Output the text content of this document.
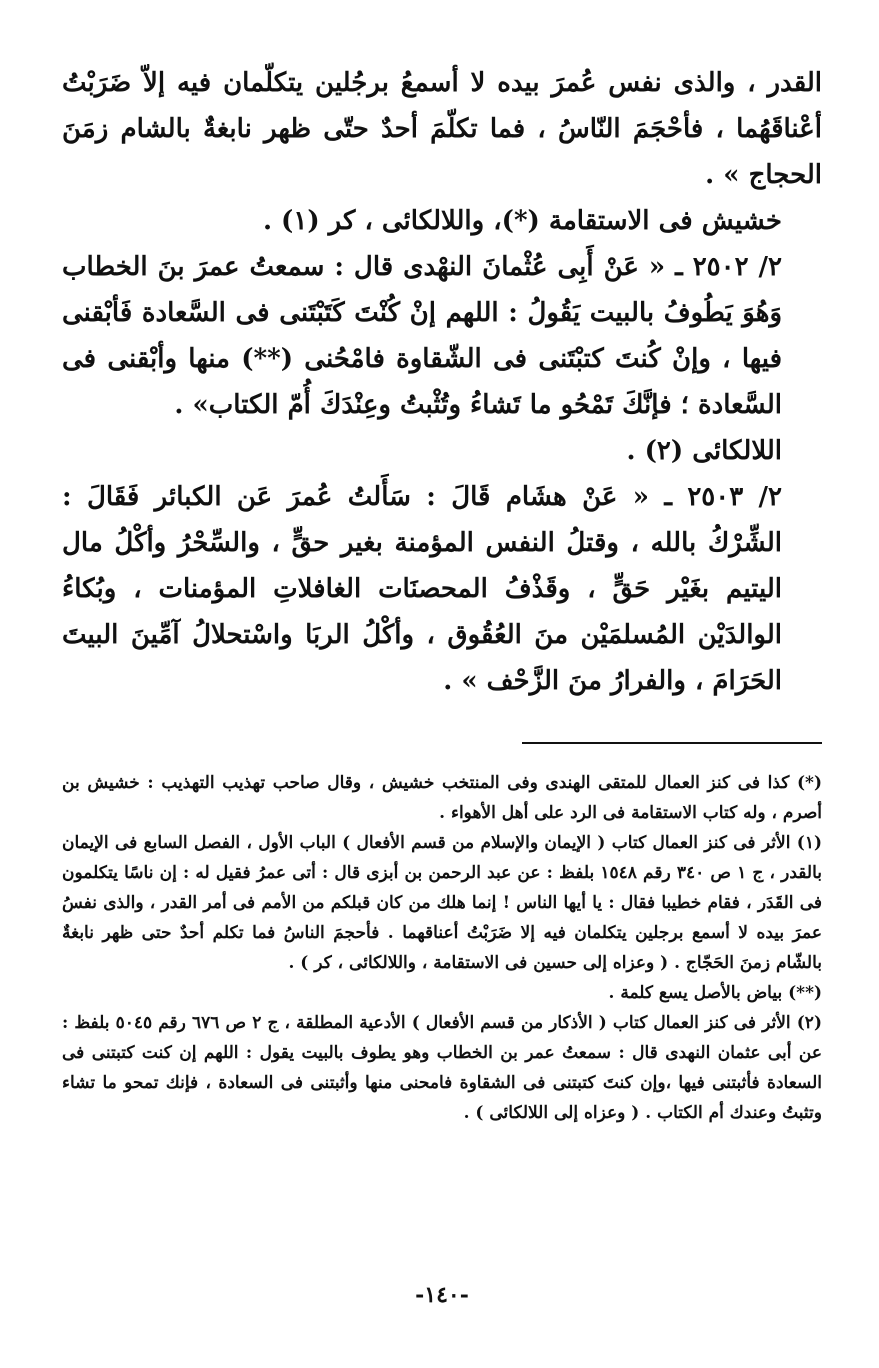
القدر ، والذى نفس عُمرَ بيده لا أسمعُ برجُلين يتكلّمان فيه إلاّ ضَرَبْتُ أعْناقَهُما ، فأحْجَمَ النّاسُ ، فما تكلّمَ أحدٌ حتّى ظهر نابغةٌ بالشام زمَنَ الحجاج » .

خشيش فى الاستقامة (*)، واللالكائى ، كر (١) .

٢/ ٢٥٠٢ ـ « عَنْ أَبِى عُثْمانَ النهْدى قال : سمعتُ عمرَ بنَ الخطاب وَهُوَ يَطُوفُ بالبيت يَقُولُ : اللهم إنْ كُنْتَ كَتَبْتَنى فى السَّعادة فَأبْقنى فيها ، وإنْ كُنتَ كتبْتَنى فى الشّقاوة فامْحُنى (**) منها وأبْقنى فى السَّعادة ؛ فإنَّكَ تَمْحُو ما تَشاءُ وتُثْبتُ وعِنْدَكَ أُمّ الكتاب» .

اللالكائى (٢) .

٢/ ٢٥٠٣ ـ « عَنْ هشَام قَالَ : سَأَلتُ عُمرَ عَن الكبائر فَقَالَ : الشِّرْكُ بالله ، وقتلُ النفس المؤمنة بغير حقٍّ ، والسِّحْرُ وأكْلُ مال اليتيم بغَيْر حَقٍّ ، وقَذْفُ المحصنَات الغافلاتِ المؤمنات ، وبُكاءُ الوالدَيْن المُسلمَيْن منَ العُقُوق ، وأكْلُ الربَا واسْتحلالُ آمِّينَ البيتَ الحَرَامَ ، والفرارُ منَ الزَّحْف » .

(*) كذا فى كنز العمال للمتقى الهندى وفى المنتخب خشيش ، وقال صاحب تهذيب التهذيب : خشيش بن أصرم ، وله كتاب الاستقامة فى الرد على أهل الأهواء .

(١) الأثر فى كنز العمال كتاب ( الإيمان والإسلام من قسم الأفعال ) الباب الأول ، الفصل السابع فى الإيمان بالقدر ، ج ١ ص ٣٤٠ رقم ١٥٤٨ بلفظ : عن عبد الرحمن بن أبزى قال : أتى عمرُ فقيل له : إن ناسًا يتكلمون فى القَدَر ، فقام خطيبا فقال : يا أيها الناس ! إنما هلك من كان قبلكم من الأمم فى أمر القدر ، والذى نفسُ عمرَ بيده لا أسمع برجلين يتكلمان فيه إلا ضَرَبْتُ أعناقهما . فأحجمَ الناسُ فما تكلم أحدٌ حتى ظهر نابغةٌ بالشّام زمنَ الحَجّاج . ( وعزاه إلى حسين فى الاستقامة ، واللالكائى ، كر ) .

(**) بياض بالأصل يسع كلمة .

(٢) الأثر فى كنز العمال كتاب ( الأذكار من قسم الأفعال ) الأدعية المطلقة ، ج ٢ ص ٦٧٦ رقم ٥٠٤٥ بلفظ : عن أبى عثمان النهدى قال : سمعتُ عمر بن الخطاب وهو يطوف بالبيت يقول : اللهم إن كنت كتبتنى فى السعادة فأثبتنى فيها ،وإن كنتَ كتبتنى فى الشقاوة فامحنى منها وأثبتنى فى السعادة ، فإنك تمحو ما تشاء وتثبتُ وعندك أم الكتاب . ( وعزاه إلى اللالكائى ) .

-١٤٠-
